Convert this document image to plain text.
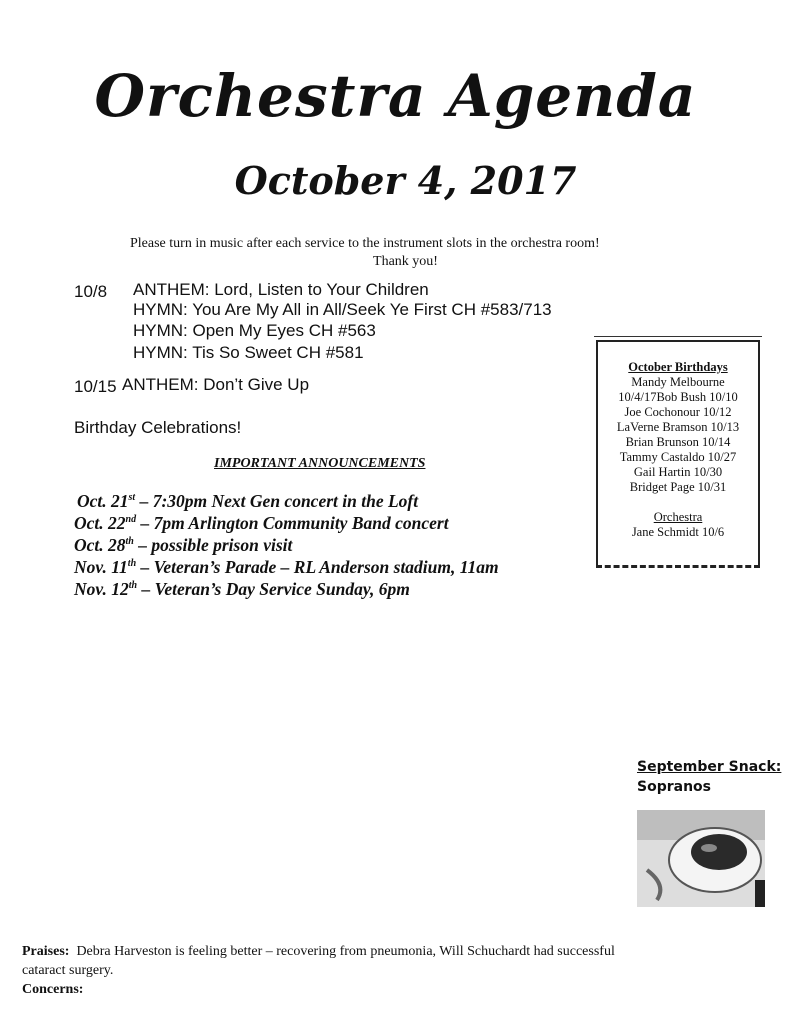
Orchestra Agenda
October 4, 2017
Please turn in music after each service to the instrument slots in the orchestra room!
Thank you!
10/8 ANTHEM: Lord, Listen to Your Children
HYMN: You Are My All in All/Seek Ye First CH #583/713
HYMN: Open My Eyes CH #563
HYMN: Tis So Sweet CH #581
10/15 ANTHEM: Don’t Give Up
Birthday Celebrations!
IMPORTANT ANNOUNCEMENTS
Oct. 21st – 7:30pm Next Gen concert in the Loft
Oct. 22nd – 7pm Arlington Community Band concert
Oct. 28th – possible prison visit
Nov. 11th – Veteran’s Parade – RL Anderson stadium, 11am
Nov. 12th – Veteran’s Day Service Sunday, 6pm
October Birthdays
Mandy Melbourne
10/4/17Bob Bush 10/10
Joe Cochonour 10/12
LaVerne Bramson 10/13
Brian Brunson 10/14
Tammy Castaldo 10/27
Gail Hartin 10/30
Bridget Page 10/31
Orchestra
Jane Schmidt 10/6
September Snack:
Sopranos
Praises:  Debra Harveston is feeling better – recovering from pneumonia, Will Schuchardt had successful
cataract surgery.
Concerns:
